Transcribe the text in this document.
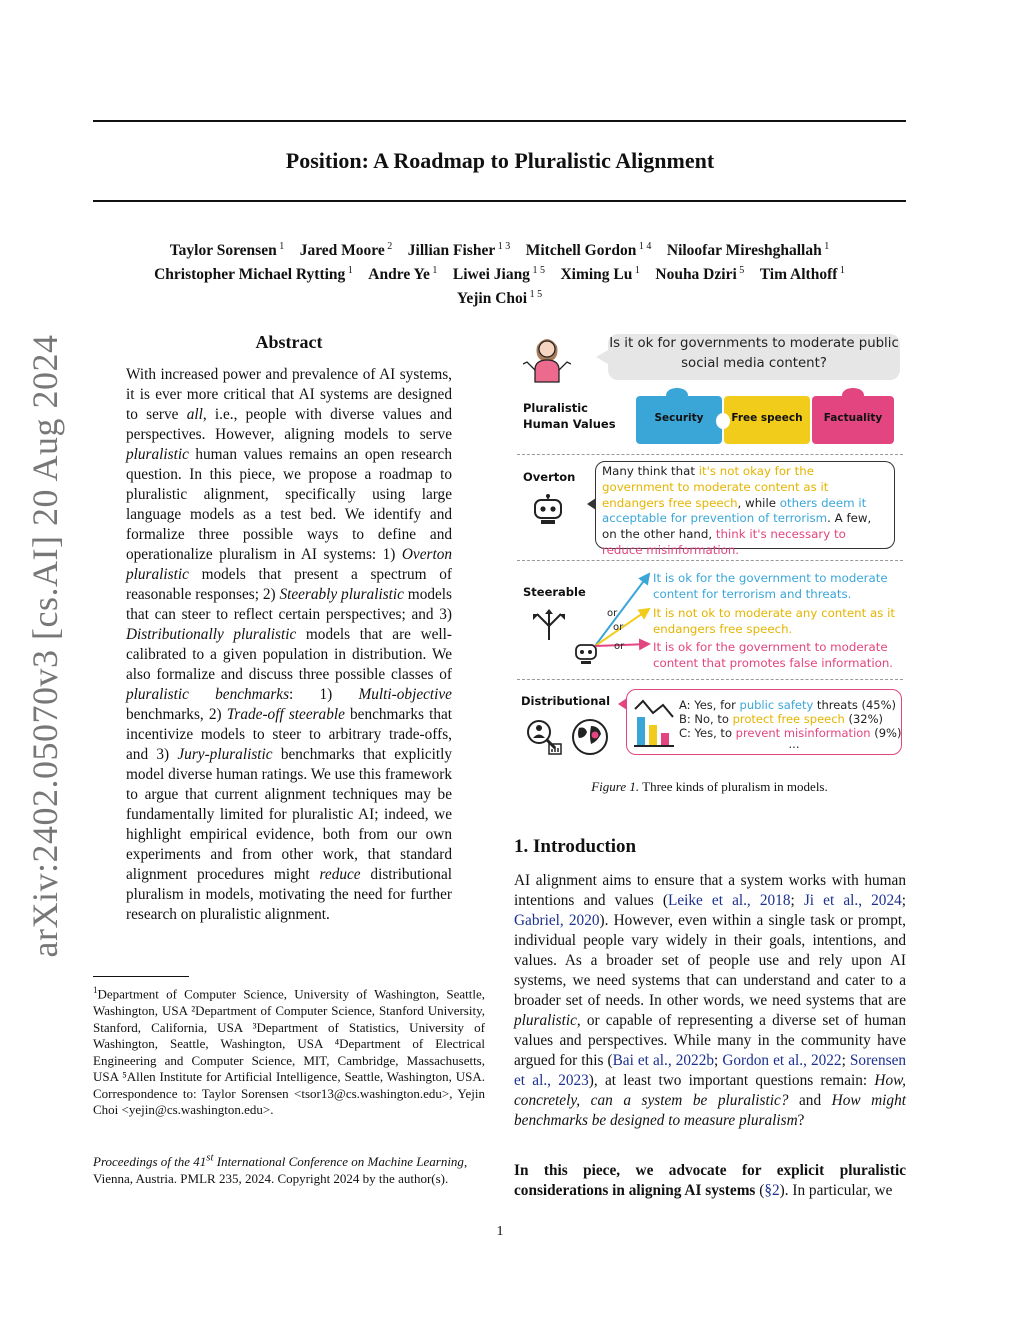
arXiv:2402.05070v3 [cs.AI] 20 Aug 2024
Position: A Roadmap to Pluralistic Alignment
Taylor Sorensen $^1$  Jared Moore $^2$  Jillian Fisher $^{1 3}$  Mitchell Gordon $^{1 4}$  Niloofar Mireshghallah $^1$
Christopher Michael Rytting $^1$  Andre Ye $^1$  Liwei Jiang $^{1 5}$  Ximing Lu $^1$  Nouha Dziri $^5$  Tim Althoff $^1$
Yejin Choi $^{1 5}$
Abstract
With increased power and prevalence of AI systems, it is ever more critical that AI systems are designed to serve all, i.e., people with diverse values and perspectives. However, aligning models to serve pluralistic human values remains an open research question. In this piece, we propose a roadmap to pluralistic alignment, specifically using large language models as a test bed. We identify and formalize three possible ways to define and operationalize pluralism in AI systems: 1) Overton pluralistic models that present a spectrum of reasonable responses; 2) Steerably pluralistic models that can steer to reflect certain perspectives; and 3) Distributionally pluralistic models that are well-calibrated to a given population in distribution. We also formalize and discuss three possible classes of pluralistic benchmarks: 1) Multi-objective benchmarks, 2) Trade-off steerable benchmarks that incentivize models to steer to arbitrary trade-offs, and 3) Jury-pluralistic benchmarks that explicitly model diverse human ratings. We use this framework to argue that current alignment techniques may be fundamentally limited for pluralistic AI; indeed, we highlight empirical evidence, both from our own experiments and from other work, that standard alignment procedures might reduce distributional pluralism in models, motivating the need for further research on pluralistic alignment.
$^1$Department of Computer Science, University of Washington, Seattle, Washington, USA ²Department of Computer Science, Stanford University, Stanford, California, USA ³Department of Statistics, University of Washington, Seattle, Washington, USA ⁴Department of Electrical Engineering and Computer Science, MIT, Cambridge, Massachusetts, USA ⁵Allen Institute for Artificial Intelligence, Seattle, Washington, USA. Correspondence to: Taylor Sorensen <tsor13@cs.washington.edu>, Yejin Choi <yejin@cs.washington.edu>.
Proceedings of the 41st International Conference on Machine Learning, Vienna, Austria. PMLR 235, 2024. Copyright 2024 by the author(s).
Is it ok for governments to moderate public social media content?
Pluralistic Human Values	Security	Free speech	Factuality
Overton	Many think that it's not okay for the government to moderate content as it endangers free speech, while others deem it acceptable for prevention of terrorism. A few, on the other hand, think it's necessary to reduce misinformation.
Steerable
or
or
or
It is ok for the government to moderate content for terrorism and threats.
It is not ok to moderate any content as it endangers free speech.
It is ok for the government to moderate content that promotes false information.
Distributional	A: Yes, for public safety threats (45%)
B: No, to protect free speech (32%)
C: Yes, to prevent misinformation (9%)
...
Figure 1. Three kinds of pluralism in models.
1. Introduction
AI alignment aims to ensure that a system works with human intentions and values (Leike et al., 2018; Ji et al., 2024; Gabriel, 2020). However, even within a single task or prompt, individual people vary widely in their goals, intentions, and values. As a broader set of people use and rely upon AI systems, we need systems that can understand and cater to a broader set of needs. In other words, we need systems that are pluralistic, or capable of representing a diverse set of human values and perspectives. While many in the community have argued for this (Bai et al., 2022b; Gordon et al., 2022; Sorensen et al., 2023), at least two important questions remain: How, concretely, can a system be pluralistic? and How might benchmarks be designed to measure pluralism?
In this piece, we advocate for explicit pluralistic considerations in aligning AI systems (§2). In particular, we
1
